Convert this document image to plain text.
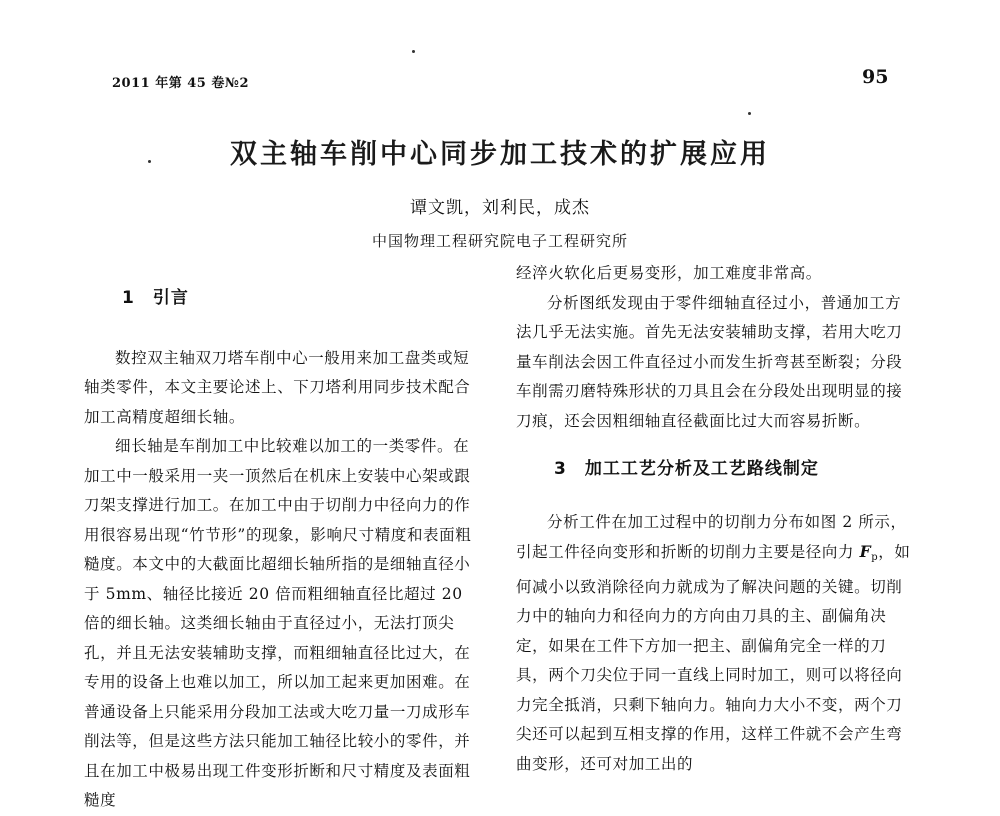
2011 年第 45 卷№2	95
双主轴车削中心同步加工技术的扩展应用
谭文凯，刘利民，成杰
中国物理工程研究院电子工程研究所

1　引言

数控双主轴双刀塔车削中心一般用来加工盘类或短轴类零件，本文主要论述上、下刀塔利用同步技术配合加工高精度超细长轴。

细长轴是车削加工中比较难以加工的一类零件。在加工中一般采用一夹一顶然后在机床上安装中心架或跟刀架支撑进行加工。在加工中由于切削力中径向力的作用很容易出现“竹节形”的现象，影响尺寸精度和表面粗糙度。本文中的大截面比超细长轴所指的是细轴直径小于 5mm、轴径比接近 20 倍而粗细轴直径比超过 20 倍的细长轴。这类细长轴由于直径过小，无法打顶尖孔，并且无法安装辅助支撑，而粗细轴直径比过大，在专用的设备上也难以加工，所以加工起来更加困难。在普通设备上只能采用分段加工法或大吃刀量一刀成形车削法等，但是这些方法只能加工轴径比较小的零件，并且在加工中极易出现工件变形折断和尺寸精度及表面粗糙度

经淬火软化后更易变形，加工难度非常高。

分析图纸发现由于零件细轴直径过小，普通加工方法几乎无法实施。首先无法安装辅助支撑，若用大吃刀量车削法会因工件直径过小而发生折弯甚至断裂；分段车削需刃磨特殊形状的刀具且会在分段处出现明显的接刀痕，还会因粗细轴直径截面比过大而容易折断。

3　加工工艺分析及工艺路线制定

分析工件在加工过程中的切削力分布如图 2 所示，引起工件径向变形和折断的切削力主要是径向力 $F_p$，如何减小以致消除径向力就成为了解决问题的关键。切削力中的轴向力和径向力的方向由刀具的主、副偏角决定，如果在工件下方加一把主、副偏角完全一样的刀具，两个刀尖位于同一直线上同时加工，则可以将径向力完全抵消，只剩下轴向力。轴向力大小不变，两个刀尖还可以起到互相支撑的作用，这样工件就不会产生弯曲变形，还可对加工出的
